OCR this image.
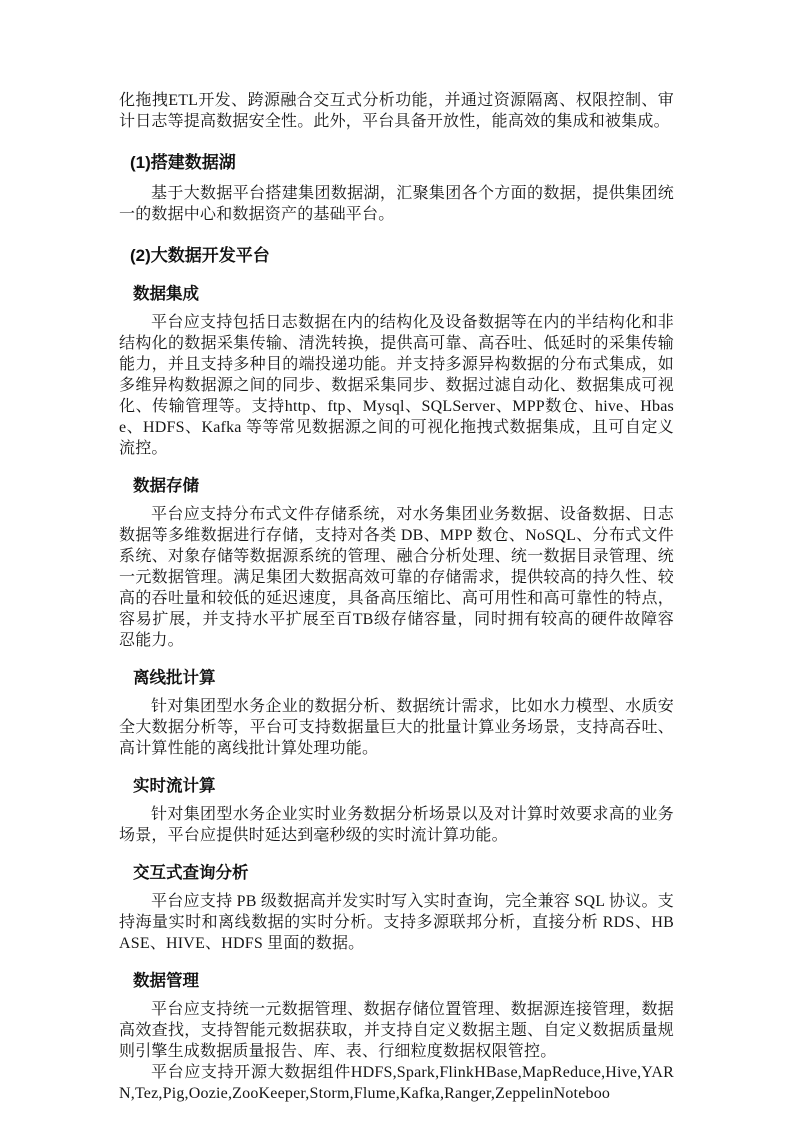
化拖拽ETL开发、跨源融合交互式分析功能，并通过资源隔离、权限控制、审计日志等提高数据安全性。此外，平台具备开放性，能高效的集成和被集成。

(1)搭建数据湖

基于大数据平台搭建集团数据湖，汇聚集团各个方面的数据，提供集团统一的数据中心和数据资产的基础平台。

(2)大数据开发平台
数据集成

平台应支持包括日志数据在内的结构化及设备数据等在内的半结构化和非结构化的数据采集传输、清洗转换，提供高可靠、高吞吐、低延时的采集传输能力，并且支持多种目的端投递功能。并支持多源异构数据的分布式集成，如多维异构数据源之间的同步、数据采集同步、数据过滤自动化、数据集成可视化、传输管理等。支持http、ftp、Mysql、SQLServer、MPP数仓、hive、Hbase、HDFS、Kafka 等等常见数据源之间的可视化拖拽式数据集成，且可自定义流控。

数据存储

平台应支持分布式文件存储系统，对水务集团业务数据、设备数据、日志数据等多维数据进行存储，支持对各类 DB、MPP 数仓、NoSQL、分布式文件系统、对象存储等数据源系统的管理、融合分析处理、统一数据目录管理、统一元数据管理。满足集团大数据高效可靠的存储需求，提供较高的持久性、较高的吞吐量和较低的延迟速度，具备高压缩比、高可用性和高可靠性的特点，容易扩展，并支持水平扩展至百TB级存储容量，同时拥有较高的硬件故障容忍能力。

离线批计算

针对集团型水务企业的数据分析、数据统计需求，比如水力模型、水质安全大数据分析等，平台可支持数据量巨大的批量计算业务场景，支持高吞吐、高计算性能的离线批计算处理功能。

实时流计算

针对集团型水务企业实时业务数据分析场景以及对计算时效要求高的业务场景，平台应提供时延达到毫秒级的实时流计算功能。

交互式查询分析

平台应支持 PB 级数据高并发实时写入实时查询，完全兼容 SQL 协议。支持海量实时和离线数据的实时分析。支持多源联邦分析，直接分析 RDS、HBASE、HIVE、HDFS 里面的数据。

数据管理

平台应支持统一元数据管理、数据存储位置管理、数据源连接管理，数据高效查找，支持智能元数据获取，并支持自定义数据主题、自定义数据质量规则引擎生成数据质量报告、库、表、行细粒度数据权限管控。

平台应支持开源大数据组件HDFS,Spark,FlinkHBase,MapReduce,Hive,YARN,Tez,Pig,Oozie,ZooKeeper,Storm,Flume,Kafka,Ranger,ZeppelinNoteboo
